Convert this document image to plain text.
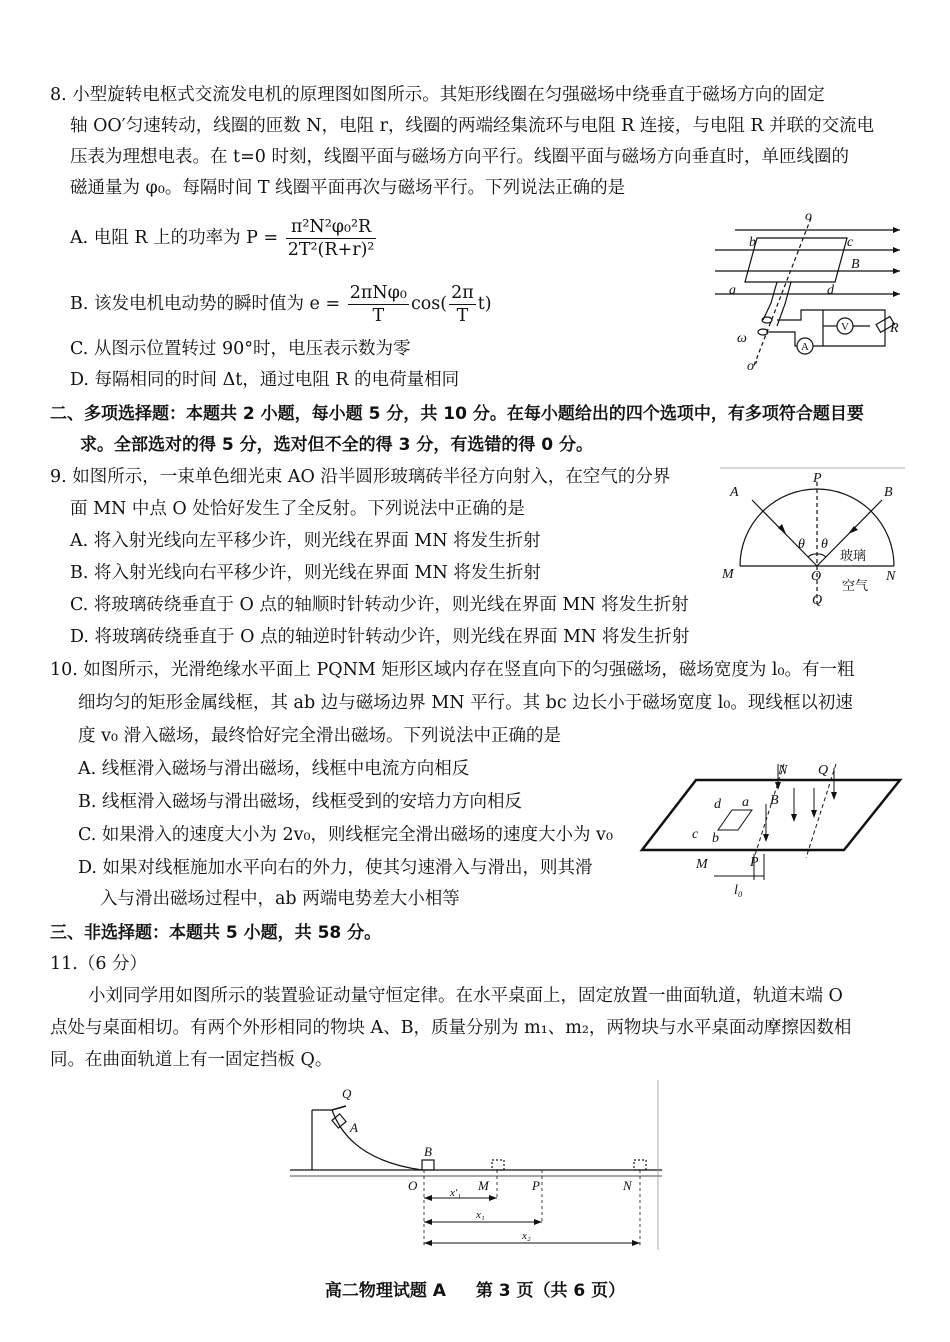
8. 小型旋转电枢式交流发电机的原理图如图所示。其矩形线圈在匀强磁场中绕垂直于磁场方向的固定
轴 OO′匀速转动，线圈的匝数 N，电阻 r，线圈的两端经集流环与电阻 R 连接，与电阻 R 并联的交流电
压表为理想电表。在 t=0 时刻，线圈平面与磁场方向平行。线圈平面与磁场方向垂直时，单匝线圈的
磁通量为 φ₀。每隔时间 T 线圈平面再次与磁场平行。下列说法正确的是
A. 电阻 R 上的功率为 $P = \frac{\text{π²N²φ₀²R}}{\text{2T²(R+r)²}}$
B. 该发电机电动势的瞬时值为 $e = \frac{\text{2πNφ₀}}{T} \cos( \frac{2\pi}{T} t)$
C. 从图示位置转过 90°时，电压表示数为零
D. 每隔相同的时间 Δt，通过电阻 R 的电荷量相同
o
b	c
B
a	d
ω
o′
R
V
A
二、多项选择题：本题共 2 小题，每小题 5 分，共 10 分。在每小题给出的四个选项中，有多项符合题目要
求。全部选对的得 5 分，选对但不全的得 3 分，有选错的得 0 分。
9. 如图所示，一束单色细光束 AO 沿半圆形玻璃砖半径方向射入，在空气的分界
面 MN 中点 O 处恰好发生了全反射。下列说法中正确的是
A. 将入射光线向左平移少许，则光线在界面 MN 将发生折射
B. 将入射光线向右平移少许，则光线在界面 MN 将发生折射
C. 将玻璃砖绕垂直于 O 点的轴顺时针转动少许，则光线在界面 MN 将发生折射
D. 将玻璃砖绕垂直于 O 点的轴逆时针转动少许，则光线在界面 MN 将发生折射
P
A	B
θ θ
M	O	N
Q
玻璃
空气
10. 如图所示，光滑绝缘水平面上 PQNM 矩形区域内存在竖直向下的匀强磁场，磁场宽度为 l₀。有一粗
细均匀的矩形金属线框，其 ab 边与磁场边界 MN 平行。其 bc 边长小于磁场宽度 l₀。现线框以初速
度 v₀ 滑入磁场，最终恰好完全滑出磁场。下列说法中正确的是
A. 线框滑入磁场与滑出磁场，线框中电流方向相反
B. 线框滑入磁场与滑出磁场，线框受到的安培力方向相反
C. 如果滑入的速度大小为 2v₀，则线框完全滑出磁场的速度大小为 v₀
D. 如果对线框施加水平向右的外力，使其匀速滑入与滑出，则其滑
入与滑出磁场过程中，ab 两端电势差大小相等
N Q
d a B
c b
M	P
l₀
三、非选择题：本题共 5 小题，共 58 分。
11.（6 分）
小刘同学用如图所示的装置验证动量守恒定律。在水平桌面上，固定放置一曲面轨道，轨道末端 O
点处与桌面相切。有两个外形相同的物块 A、B，质量分别为 m₁、m₂，两物块与水平桌面动摩擦因数相
同。在曲面轨道上有一固定挡板 Q。
Q
A
B
O	x′₁ M	P	N
x₁
x₂
高二物理试题 A 第 3 页（共 6 页）
